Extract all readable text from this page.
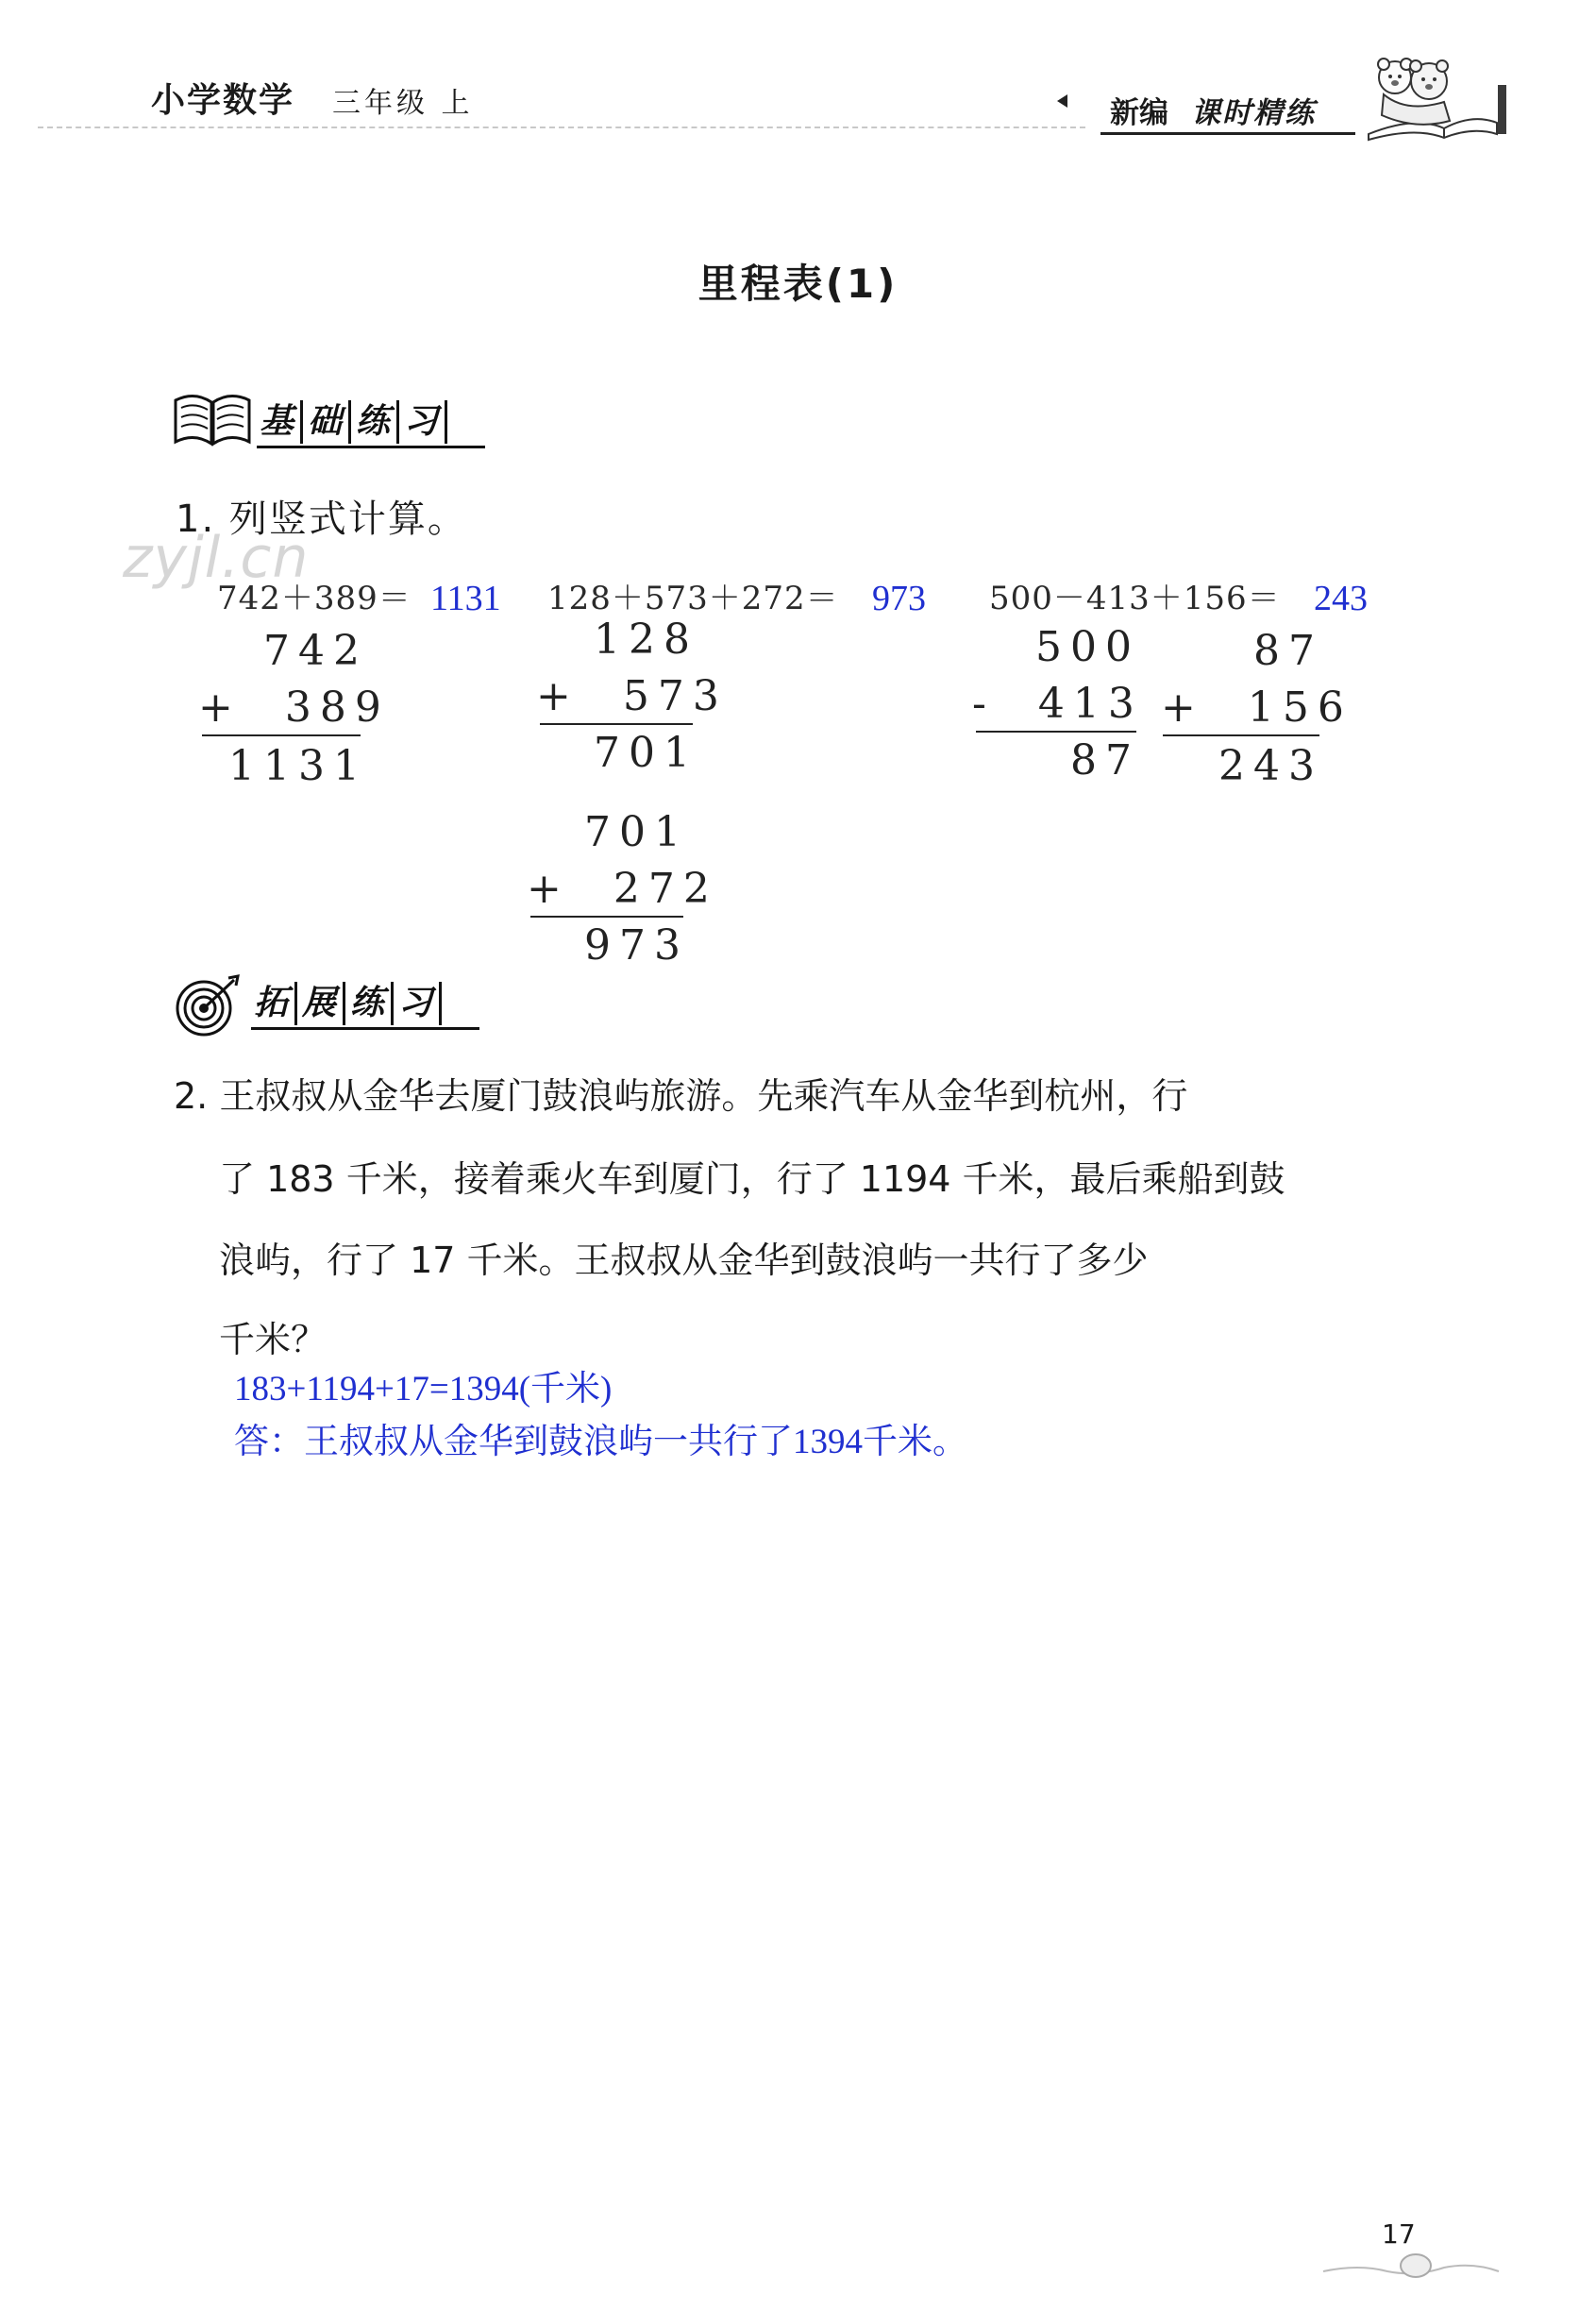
小学数学 三年级 上	新编 课时精练
里程表(1)
基 础 练 习
1. 列竖式计算。
zyjl.cn
742＋389＝ 1131 128＋573＋272＝ 973 500－413＋156＝ 243
742
+  389
1131
128
+  573
701
701
+  272
973
500
-  413
87
87
+  156
243
拓 展 练 习
2. 王叔叔从金华去厦门鼓浪屿旅游。先乘汽车从金华到杭州，行
了 183 千米，接着乘火车到厦门，行了 1194 千米，最后乘船到鼓
浪屿，行了 17 千米。王叔叔从金华到鼓浪屿一共行了多少
千米？
183+1194+17=1394(千米)
答：王叔叔从金华到鼓浪屿一共行了1394千米。
17
